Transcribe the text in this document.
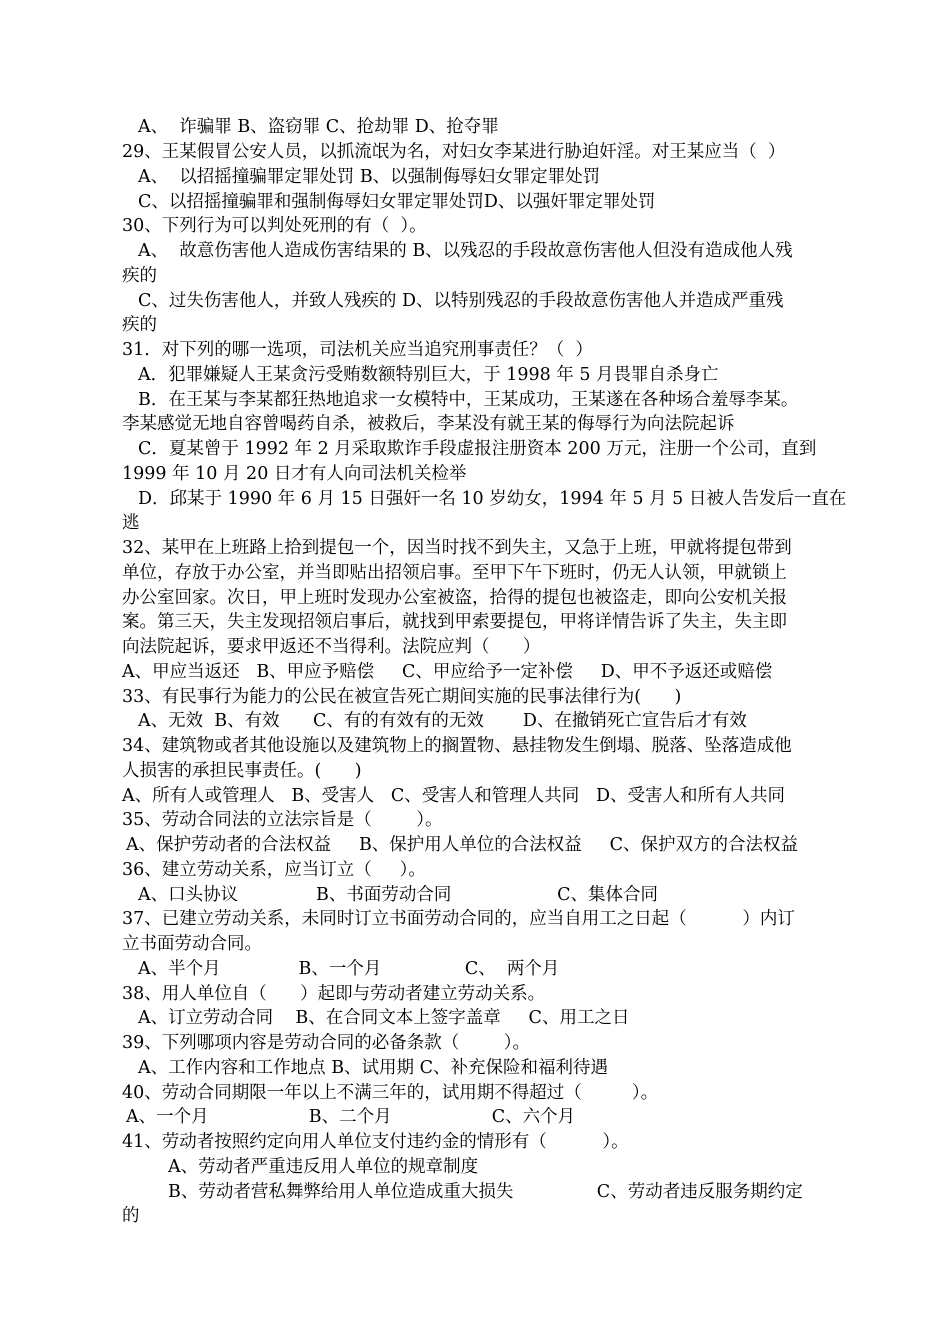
A、  诈骗罪 B、盗窃罪 C、抢劫罪 D、抢夺罪
29、王某假冒公安人员，以抓流氓为名，对妇女李某进行胁迫奸淫。对王某应当（  ）
A、  以招摇撞骗罪定罪处罚 B、以强制侮辱妇女罪定罪处罚
C、以招摇撞骗罪和强制侮辱妇女罪定罪处罚D、以强奸罪定罪处罚
30、下列行为可以判处死刑的有（  ）。
A、  故意伤害他人造成伤害结果的 B、以残忍的手段故意伤害他人但没有造成他人残
疾的
C、过失伤害他人，并致人残疾的 D、以特别残忍的手段故意伤害他人并造成严重残
疾的
31．对下列的哪一选项，司法机关应当追究刑事责任？（  ）
A．犯罪嫌疑人王某贪污受贿数额特别巨大，于 1998 年 5 月畏罪自杀身亡
B．在王某与李某都狂热地追求一女模特中，王某成功，王某遂在各种场合羞辱李某。
李某感觉无地自容曾喝药自杀，被救后，李某没有就王某的侮辱行为向法院起诉
C．夏某曾于 1992 年 2 月采取欺诈手段虚报注册资本 200 万元，注册一个公司，直到
1999 年 10 月 20 日才有人向司法机关检举
D．邱某于 1990 年 6 月 15 日强奸一名 10 岁幼女，1994 年 5 月 5 日被人告发后一直在
逃
32、某甲在上班路上拾到提包一个，因当时找不到失主，又急于上班，甲就将提包带到
单位，存放于办公室，并当即贴出招领启事。至甲下午下班时，仍无人认领，甲就锁上
办公室回家。次日，甲上班时发现办公室被盗，拾得的提包也被盗走，即向公安机关报
案。第三天，失主发现招领启事后，就找到甲索要提包，甲将详情告诉了失主，失主即
向法院起诉，要求甲返还不当得利。法院应判（      ）
A、甲应当返还   B、甲应予赔偿     C、甲应给予一定补偿     D、甲不予返还或赔偿
33、有民事行为能力的公民在被宣告死亡期间实施的民事法律行为(      )
A、无效  B、有效      C、有的有效有的无效       D、在撤销死亡宣告后才有效
34、建筑物或者其他设施以及建筑物上的搁置物、悬挂物发生倒塌、脱落、坠落造成他
人损害的承担民事责任。(      )
A、所有人或管理人   B、受害人   C、受害人和管理人共同   D、受害人和所有人共同
35、劳动合同法的立法宗旨是（        ）。
A、保护劳动者的合法权益     B、保护用人单位的合法权益     C、保护双方的合法权益
36、建立劳动关系，应当订立（     ）。
A、口头协议              B、书面劳动合同                   C、集体合同
37、已建立劳动关系，未同时订立书面劳动合同的，应当自用工之日起（          ）内订
立书面劳动合同。
A、半个月              B、一个月               C、  两个月
38、用人单位自（      ）起即与劳动者建立劳动关系。
A、订立劳动合同    B、在合同文本上签字盖章     C、用工之日
39、下列哪项内容是劳动合同的必备条款（        ）。
A、工作内容和工作地点 B、试用期 C、补充保险和福利待遇
40、劳动合同期限一年以上不满三年的，试用期不得超过（         ）。
A、一个月                  B、二个月                  C、六个月
41、劳动者按照约定向用人单位支付违约金的情形有（          ）。
A、劳动者严重违反用人单位的规章制度
B、劳动者营私舞弊给用人单位造成重大损失               C、劳动者违反服务期约定
的
